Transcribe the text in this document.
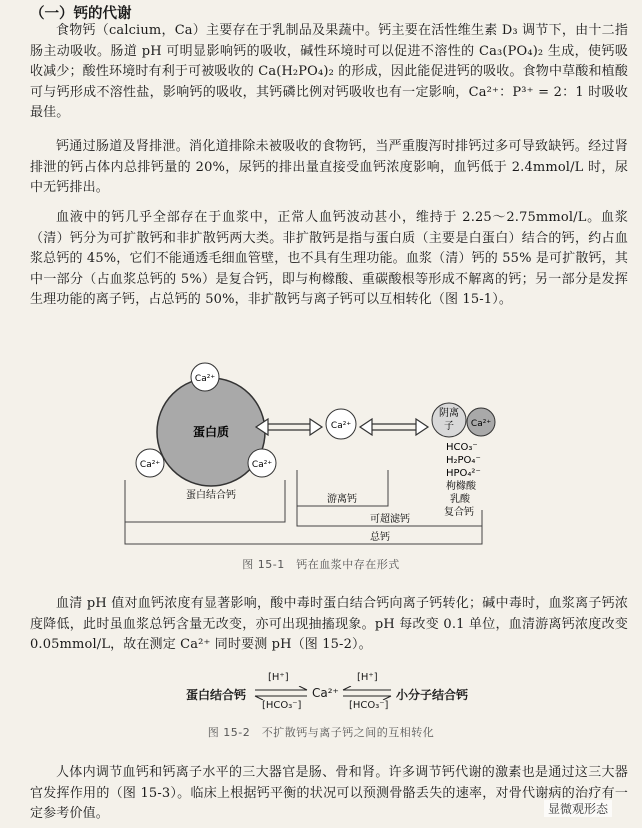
（一）钙的代谢

食物钙（calcium，Ca）主要存在于乳制品及果蔬中。钙主要在活性维生素 D₃ 调节下，由十二指肠主动吸收。肠道 pH 可明显影响钙的吸收，碱性环境时可以促进不溶性的 Ca₃(PO₄)₂ 生成，使钙吸收减少；酸性环境时有利于可被吸收的 Ca(H₂PO₄)₂ 的形成，因此能促进钙的吸收。食物中草酸和植酸可与钙形成不溶性盐，影响钙的吸收，其钙磷比例对钙吸收也有一定影响，Ca²⁺：P³⁺ = 2：1 时吸收最佳。

钙通过肠道及肾排泄。消化道排除未被吸收的食物钙，当严重腹泻时排钙过多可导致缺钙。经过肾排泄的钙占体内总排钙量的 20%，尿钙的排出量直接受血钙浓度影响，血钙低于 2.4mmol/L 时，尿中无钙排出。

血液中的钙几乎全部存在于血浆中，正常人血钙波动甚小，维持于 2.25～2.75mmol/L。血浆（清）钙分为可扩散钙和非扩散钙两大类。非扩散钙是指与蛋白质（主要是白蛋白）结合的钙，约占血浆总钙的 45%，它们不能通透毛细血管壁，也不具有生理功能。血浆（清）钙的 55% 是可扩散钙，其中一部分（占血浆总钙的 5%）是复合钙，即与枸橼酸、重碳酸根等形成不解离的钙；另一部分是发挥生理功能的离子钙，占总钙的 50%，非扩散钙与离子钙可以互相转化（图 15-1）。

蛋白质
Ca²⁺
Ca²⁺	Ca²⁺
Ca²⁺
阴离
子 Ca²⁺
HCO₃⁻
H₂PO₄⁻
HPO₄²⁻
枸橼酸
乳酸
复合钙
蛋白结合钙	游离钙
可超滤钙
总钙
图 15-1　钙在血浆中存在形式

血清 pH 值对血钙浓度有显著影响，酸中毒时蛋白结合钙向离子钙转化；碱中毒时，血浆离子钙浓度降低，此时虽血浆总钙含量无改变，亦可出现抽搐现象。pH 每改变 0.1 单位，血清游离钙浓度改变 0.05mmol/L，故在测定 Ca²⁺ 同时要测 pH（图 15-2）。

蛋白结合钙
[H⁺]
[HCO₃⁻]
⇌ Ca²⁺
[H⁺]
[HCO₃⁻]
⇌ 小分子结合钙
图 15-2　不扩散钙与离子钙之间的互相转化

人体内调节血钙和钙离子水平的三大器官是肠、骨和肾。许多调节钙代谢的激素也是通过这三大器官发挥作用的（图 15-3）。临床上根据钙平衡的状况可以预测骨骼丢失的速率，对骨代谢病的治疗有一定参考价值。	显微观形态
